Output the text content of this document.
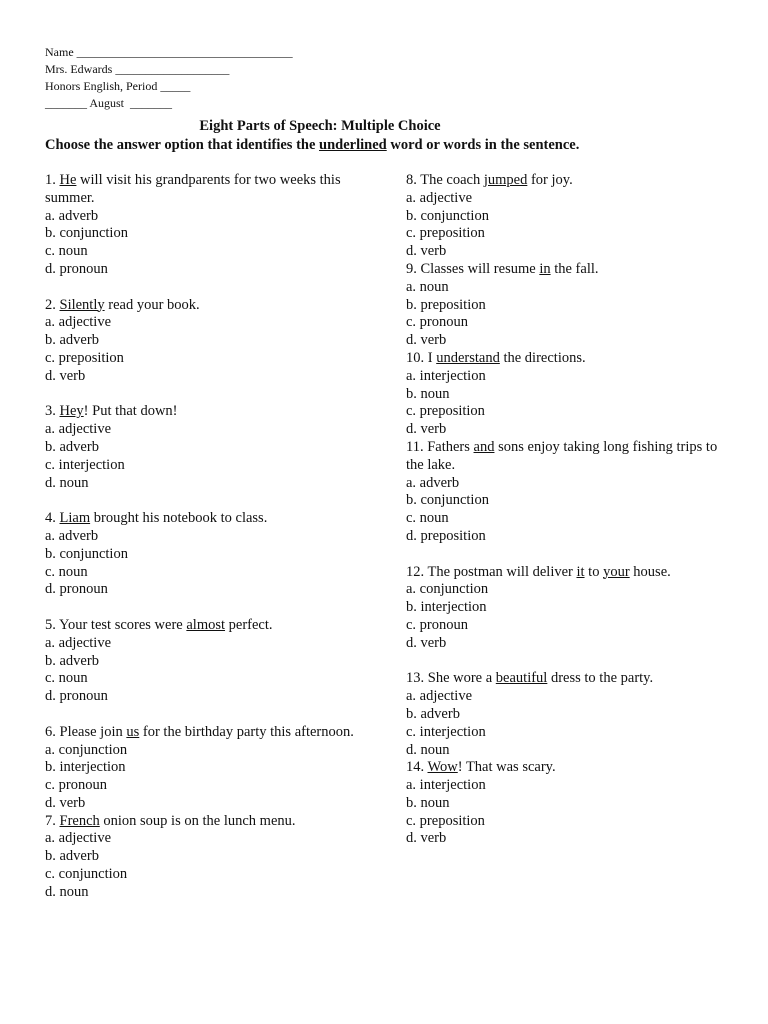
Name ____________________________________
Mrs. Edwards ___________________
Honors English, Period _____
_______ August  _______
Eight Parts of Speech: Multiple Choice
Choose the answer option that identifies the underlined word or words in the sentence.
1. He will visit his grandparents for two weeks this summer.
a. adverb
b. conjunction
c. noun
d. pronoun
2. Silently read your book.
a. adjective
b. adverb
c. preposition
d. verb
3. Hey! Put that down!
a. adjective
b. adverb
c. interjection
d. noun
4. Liam brought his notebook to class.
a. adverb
b. conjunction
c. noun
d. pronoun
5. Your test scores were almost perfect.
a. adjective
b. adverb
c. noun
d. pronoun
6. Please join us for the birthday party this afternoon.
a. conjunction
b. interjection
c. pronoun
d. verb
7. French onion soup is on the lunch menu.
a. adjective
b. adverb
c. conjunction
d. noun
8. The coach jumped for joy.
a. adjective
b. conjunction
c. preposition
d. verb
9. Classes will resume in the fall.
a. noun
b. preposition
c. pronoun
d. verb
10. I understand the directions.
a. interjection
b. noun
c. preposition
d. verb
11. Fathers and sons enjoy taking long fishing trips to the lake.
a. adverb
b. conjunction
c. noun
d. preposition
12. The postman will deliver it to your house.
a. conjunction
b. interjection
c. pronoun
d. verb
13. She wore a beautiful dress to the party.
a. adjective
b. adverb
c. interjection
d. noun
14. Wow! That was scary.
a. interjection
b. noun
c. preposition
d. verb
